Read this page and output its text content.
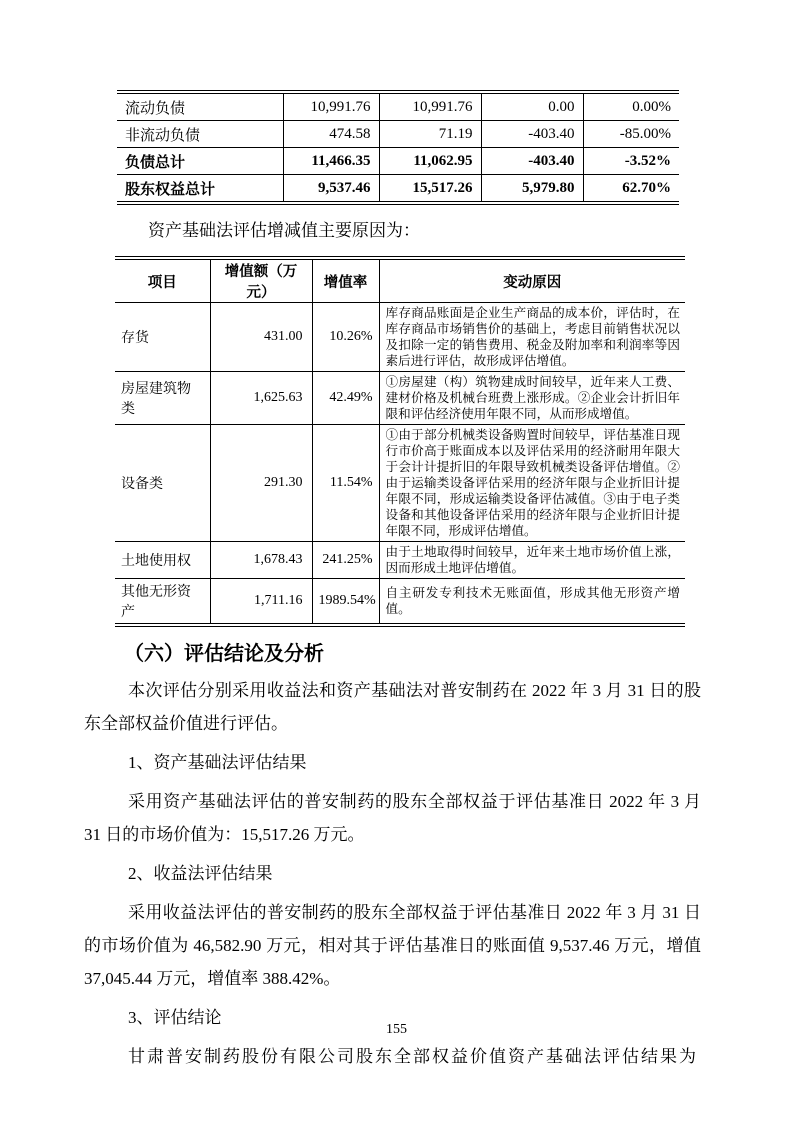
流动负债	10,991.76	10,991.76	0.00	0.00%
非流动负债	474.58	71.19	-403.40	-85.00%
负债总计	11,466.35	11,062.95	-403.40	-3.52%
股东权益总计	9,537.46	15,517.26	5,979.80	62.70%

资产基础法评估增减值主要原因为：

项目	增值额（万元）	增值率	变动原因
存货	431.00	10.26%	库存商品账面是企业生产商品的成本价，评估时，在库存商品市场销售价的基础上，考虑目前销售状况以及扣除一定的销售费用、税金及附加率和利润率等因素后进行评估，故形成评估增值。
房屋建筑物类	1,625.63	42.49%	①房屋建（构）筑物建成时间较早，近年来人工费、建材价格及机械台班费上涨形成。②企业会计折旧年限和评估经济使用年限不同，从而形成增值。
设备类	291.30	11.54%	①由于部分机械类设备购置时间较早，评估基准日现行市价高于账面成本以及评估采用的经济耐用年限大于会计计提折旧的年限导致机械类设备评估增值。②由于运输类设备评估采用的经济年限与企业折旧计提年限不同，形成运输类设备评估减值。③由于电子类设备和其他设备评估采用的经济年限与企业折旧计提年限不同，形成评估增值。
土地使用权	1,678.43	241.25%	由于土地取得时间较早，近年来土地市场价值上涨，因而形成土地评估增值。
其他无形资产	1,711.16	1989.54%	自主研发专利技术无账面值，形成其他无形资产增值。
（六）评估结论及分析

本次评估分别采用收益法和资产基础法对普安制药在 2022 年 3 月 31 日的股东全部权益价值进行评估。

1、资产基础法评估结果

采用资产基础法评估的普安制药的股东全部权益于评估基准日 2022 年 3 月 31 日的市场价值为：15,517.26 万元。

2、收益法评估结果

采用收益法评估的普安制药的股东全部权益于评估基准日 2022 年 3 月 31 日的市场价值为 46,582.90 万元，相对其于评估基准日的账面值 9,537.46 万元，增值 37,045.44 万元，增值率 388.42%。

3、评估结论

甘肃普安制药股份有限公司股东全部权益价值资产基础法评估结果为

155
